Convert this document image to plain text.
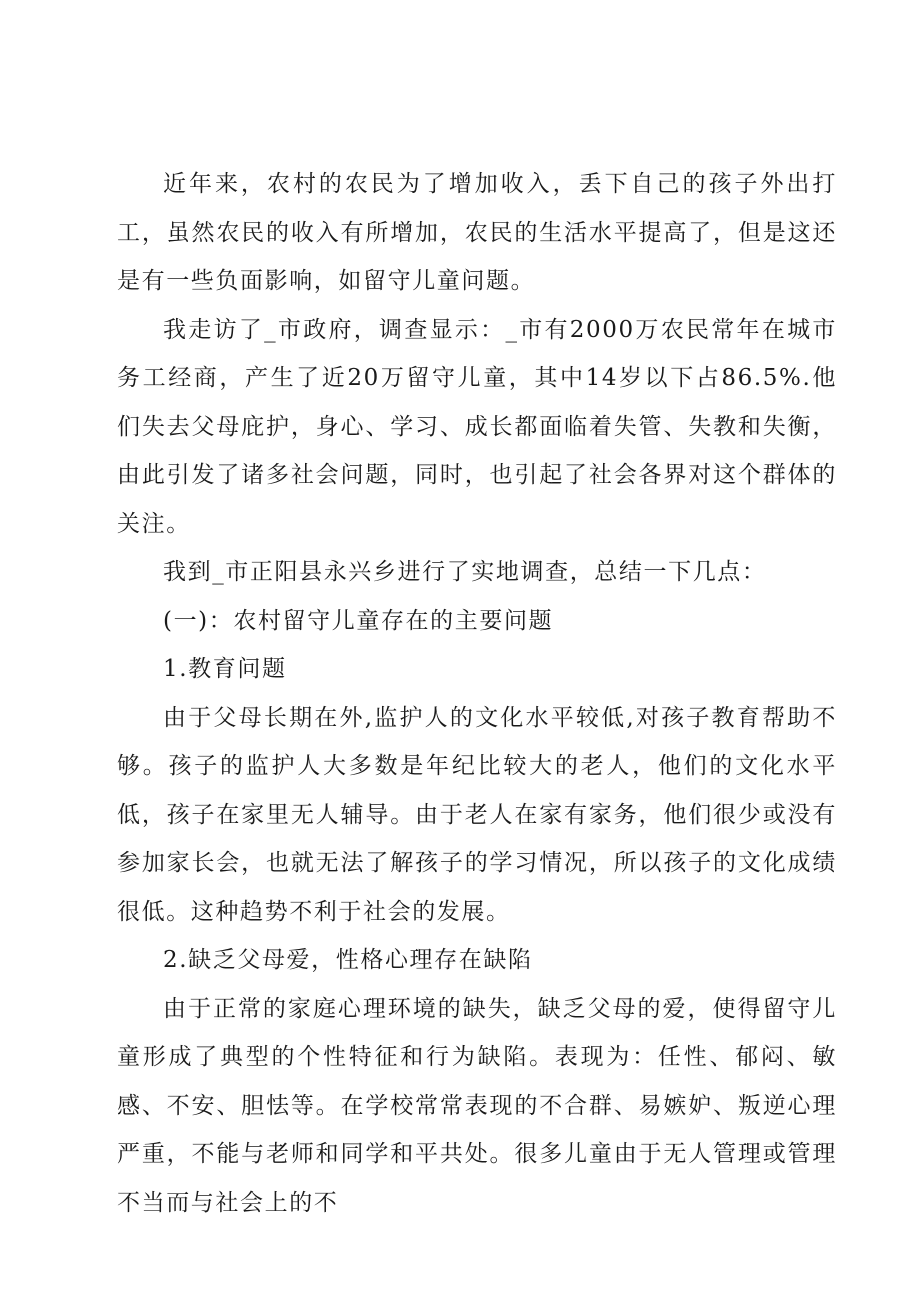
近年来，农村的农民为了增加收入，丢下自己的孩子外出打工，虽然农民的收入有所增加，农民的生活水平提高了，但是这还是有一些负面影响，如留守儿童问题。

我走访了_市政府，调查显示：_市有2000万农民常年在城市务工经商，产生了近20万留守儿童，其中14岁以下占86.5%.他们失去父母庇护，身心、学习、成长都面临着失管、失教和失衡，由此引发了诸多社会问题，同时，也引起了社会各界对这个群体的关注。

我到_市正阳县永兴乡进行了实地调查，总结一下几点：

(一)：农村留守儿童存在的主要问题

1.教育问题

由于父母长期在外,监护人的文化水平较低,对孩子教育帮助不够。孩子的监护人大多数是年纪比较大的老人，他们的文化水平低，孩子在家里无人辅导。由于老人在家有家务，他们很少或没有参加家长会，也就无法了解孩子的学习情况，所以孩子的文化成绩很低。这种趋势不利于社会的发展。

2.缺乏父母爱，性格心理存在缺陷

由于正常的家庭心理环境的缺失，缺乏父母的爱，使得留守儿童形成了典型的个性特征和行为缺陷。表现为：任性、郁闷、敏感、不安、胆怯等。在学校常常表现的不合群、易嫉妒、叛逆心理严重，不能与老师和同学和平共处。很多儿童由于无人管理或管理不当而与社会上的不
